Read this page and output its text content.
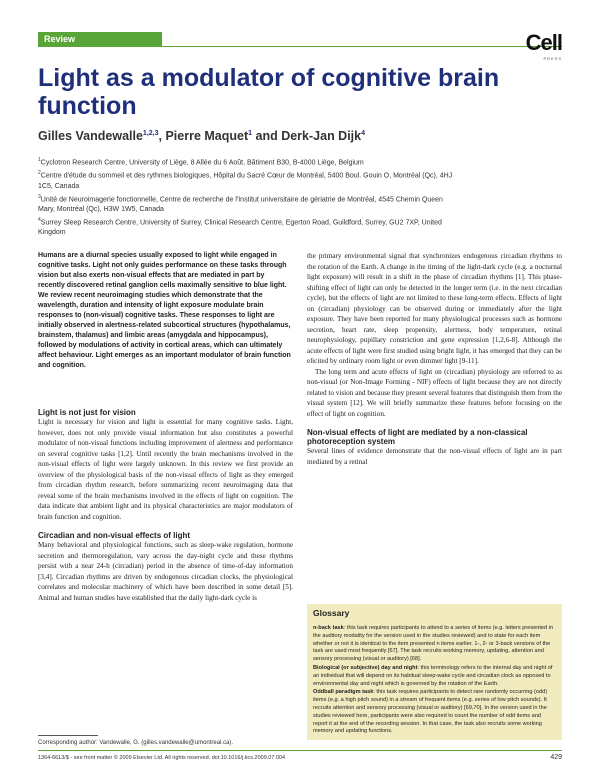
Review	Cell
PRESS
Light as a modulator of cognitive brain function
Gilles Vandewalle$^{1,2,3}$, Pierre Maquet$^1$ and Derk-Jan Dijk$^4$

$^1$Cyclotron Research Centre, University of Liège, 8 Allée du 6 Août, Bâtiment B30, B-4000 Liège, Belgium

$^2$Centre d'étude du sommeil et des rythmes biologiques, Hôpital du Sacré Cœur de Montréal, 5400 Boul. Gouin O, Montréal (Qc), 4HJ 1C5, Canada

$^3$Unité de Neuroimagerie fonctionnelle, Centre de recherche de l'Institut universitaire de gériatrie de Montréal, 4545 Chemin Queen Mary, Montréal (Qc), H3W 1W5, Canada

$^4$Surrey Sleep Research Centre, University of Surrey, Clinical Research Centre, Egerton Road, Guildford, Surrey, GU2 7XP, United Kingdom

Humans are a diurnal species usually exposed to light while engaged in cognitive tasks. Light not only guides performance on these tasks through vision but also exerts non-visual effects that are mediated in part by recently discovered retinal ganglion cells maximally sensitive to blue light. We review recent neuroimaging studies which demonstrate that the wavelength, duration and intensity of light exposure modulate brain responses to (non-visual) cognitive tasks. These responses to light are initially observed in alertness-related subcortical structures (hypothalamus, brainstem, thalamus) and limbic areas (amygdala and hippocampus), followed by modulations of activity in cortical areas, which can ultimately affect behaviour. Light emerges as an important modulator of brain function and cognition.

Light is not just for vision

Light is necessary for vision and light is essential for many cognitive tasks. Light, however, does not only provide visual information but also constitutes a powerful modulator of non-visual functions including improvement of alertness and performance on several cognitive tasks [1,2]. Until recently the brain mechanisms involved in the non-visual effects of light were largely unknown. In this review we first provide an overview of the physiological basis of the non-visual effects of light as they emerged from circadian rhythm research, before summarizing recent neuroimaging data that reveal some of the brain mechanisms involved in the effects of light on cognition. The data indicate that ambient light and its physical characteristics are major modulators of brain function and cognition.

Circadian and non-visual effects of light

Many behavioral and physiological functions, such as sleep-wake regulation, hormone secretion and thermoregulation, vary across the day-night cycle and these rhythms persist with a near 24-h (circadian) period in the absence of time-of-day information [3,4]. Circadian rhythms are driven by endogenous circadian clocks, the physiological correlates and molecular machinery of which have been described in some detail [5]. Animal and human studies have established that the daily light-dark cycle is

the primary environmental signal that synchronizes endogenous circadian rhythms to the rotation of the Earth. A change in the timing of the light-dark cycle (e.g. a nocturnal light exposure) will result in a shift in the phase of circadian rhythms [1]. This phase-shifting effect of light can only be detected in the longer term (i.e. in the next circadian cycle), but the effects of light are not limited to these long-term effects. Effects of light on (circadian) physiology can be observed during or immediately after the light exposure. They have been reported for many physiological processes such as hormone secretion, heart rate, sleep propensity, alertness, body temperature, retinal neurophysiology, pupillary constriction and gene expression [1,2,6-8]. Although the acute effects of light were first studied using bright light, it has emerged that they can be elicited by ordinary room light or even dimmer light [9-11].

The long term and acute effects of light on (circadian) physiology are referred to as non-visual (or Non-Image Forming - NIF) effects of light because they are not directly related to vision and because they present several features that distinguish them from the visual system [12]. We will briefly summarize these features before focusing on the effect of light on cognition.

Non-visual effects of light are mediated by a non-classical photoreception system

Several lines of evidence demonstrate that the non-visual effects of light are in part mediated by a retinal

Glossary

n-back task: this task requires participants to attend to a series of items (e.g. letters presented in the auditory modality for the version used in the studies reviewed) and to state for each item whether or not it is identical to the item presented n items earlier. 1-, 2- or 3-back versions of the task are used most frequently [67]. The task recruits working memory, updating, attention and sensory processing (visual or auditory) [68].

Biological (or subjective) day and night: this terminology refers to the internal day and night of an individual that will depend on its habitual sleep-wake cycle and circadian clock as opposed to environmental day and night which is governed by the rotation of the Earth.

Oddball paradigm task: this task requires participants to detect rare randomly occurring (odd) items (e.g. a high pitch sound) in a stream of frequent items (e.g. series of low pitch sounds). It recruits attention and sensory processing (visual or auditory) [69,70]. In the version used in the studies reviewed here, participants were also required to count the number of odd items and report it at the end of the recording session. In that case, the task also recruits some working memory and updating functions.

Corresponding author: Vandewalle, G. (gilles.vandewalle@umontreal.ca).
1364-6613/$ - see front matter © 2009 Elsevier Ltd. All rights reserved. doi:10.1016/j.tics.2009.07.004	429
